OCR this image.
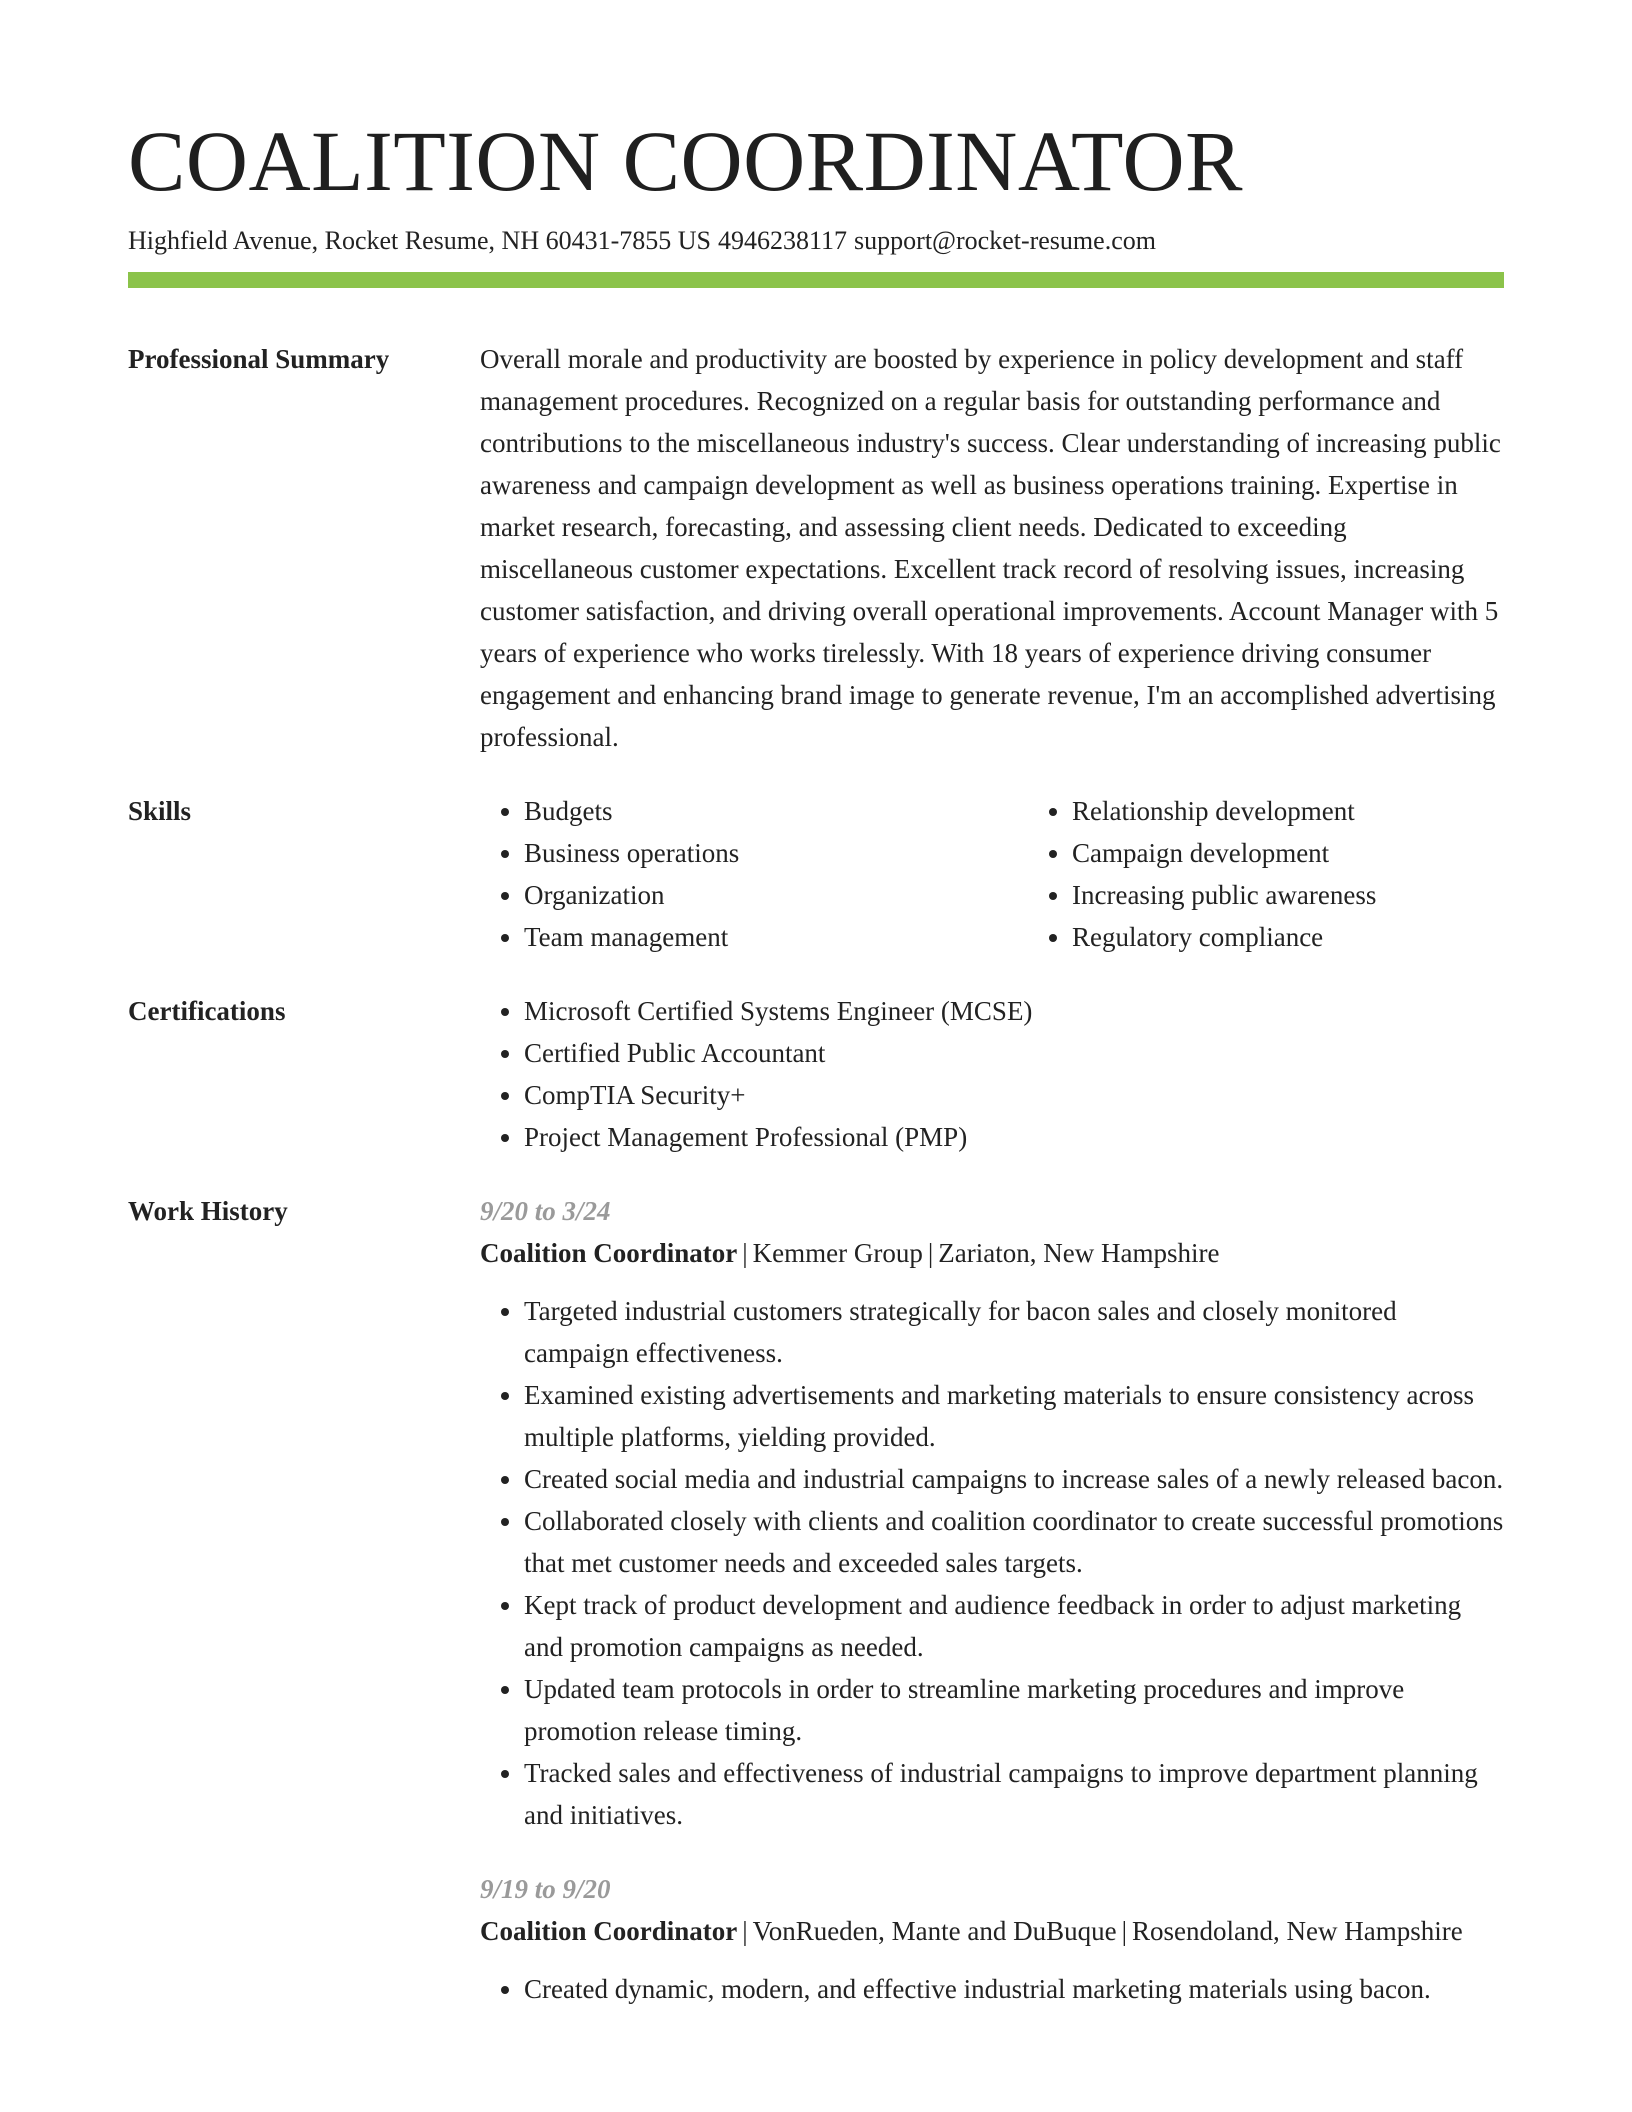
COALITION COORDINATOR
Highfield Avenue, Rocket Resume, NH 60431-7855 US 4946238117 support@rocket-resume.com
Professional Summary	Overall morale and productivity are boosted by experience in policy development and staff management procedures. Recognized on a regular basis for outstanding performance and contributions to the miscellaneous industry's success. Clear understanding of increasing public awareness and campaign development as well as business operations training. Expertise in market research, forecasting, and assessing client needs. Dedicated to exceeding miscellaneous customer expectations. Excellent track record of resolving issues, increasing customer satisfaction, and driving overall operational improvements. Account Manager with 5 years of experience who works tirelessly. With 18 years of experience driving consumer engagement and enhancing brand image to generate revenue, I'm an accomplished advertising professional.

Skills	• Budgets
• Business operations
• Organization
• Team management
• Relationship development
• Campaign development
• Increasing public awareness
• Regulatory compliance
Certifications	• Microsoft Certified Systems Engineer (MCSE)
• Certified Public Accountant
• CompTIA Security+
• Project Management Professional (PMP)
Work History	9/20 to 3/24

Coalition Coordinator | Kemmer Group | Zariaton, New Hampshire

• Targeted industrial customers strategically for bacon sales and closely monitored campaign effectiveness.
• Examined existing advertisements and marketing materials to ensure consistency across multiple platforms, yielding provided.
• Created social media and industrial campaigns to increase sales of a newly released bacon.
• Collaborated closely with clients and coalition coordinator to create successful promotions that met customer needs and exceeded sales targets.
• Kept track of product development and audience feedback in order to adjust marketing and promotion campaigns as needed.
• Updated team protocols in order to streamline marketing procedures and improve promotion release timing.
• Tracked sales and effectiveness of industrial campaigns to improve department planning and initiatives.
9/19 to 9/20

Coalition Coordinator | VonRueden, Mante and DuBuque | Rosendoland, New Hampshire

• Created dynamic, modern, and effective industrial marketing materials using bacon.
